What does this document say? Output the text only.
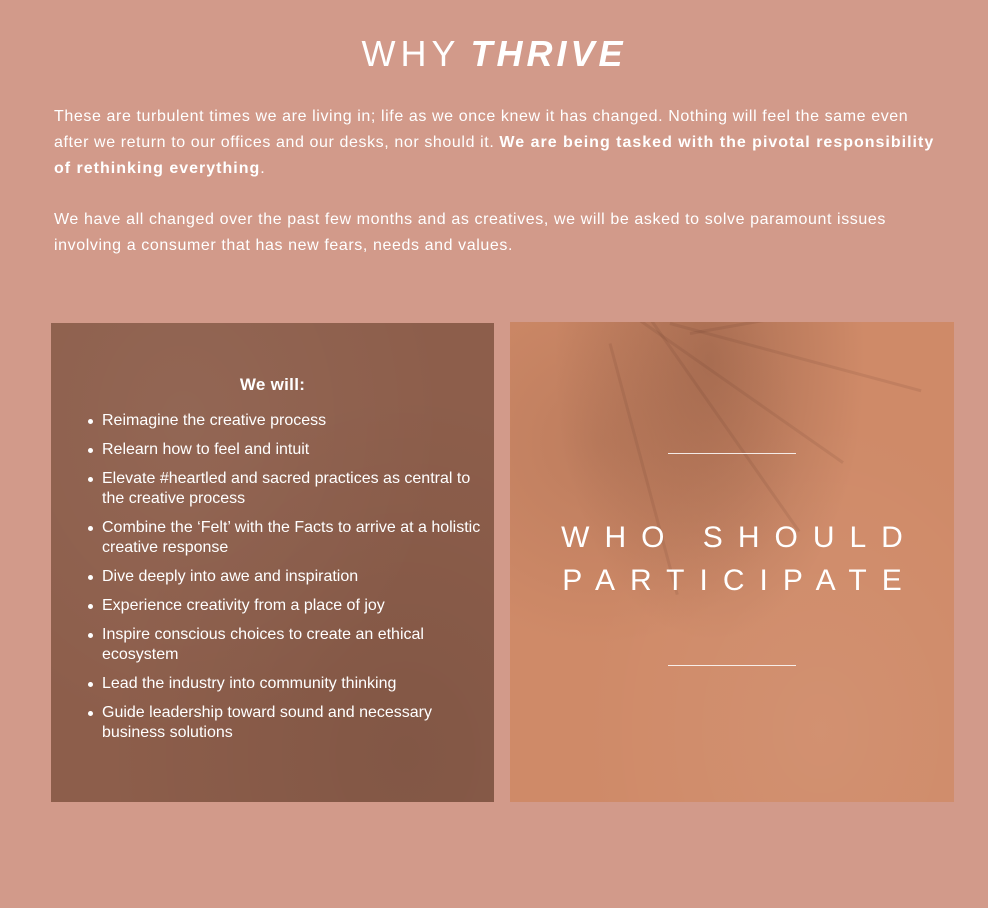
WHY THRIVE

These are turbulent times we are living in; life as we once knew it has changed. Nothing will feel the same even after we return to our offices and our desks, nor should it. We are being tasked with the pivotal responsibility of rethinking everything.

We have all changed over the past few months and as creatives, we will be asked to solve paramount issues involving a consumer that has new fears, needs and values.

We will:
Reimagine the creative process
Relearn how to feel and intuit
Elevate #heartled and sacred practices as central to the creative process
Combine the ‘Felt’ with the Facts to arrive at a holistic creative response
Dive deeply into awe and inspiration
Experience creativity from a place of joy
Inspire conscious choices to create an ethical ecosystem
Lead the industry into community thinking
Guide leadership toward sound and necessary business solutions
WHO SHOULD
PARTICIPATE
